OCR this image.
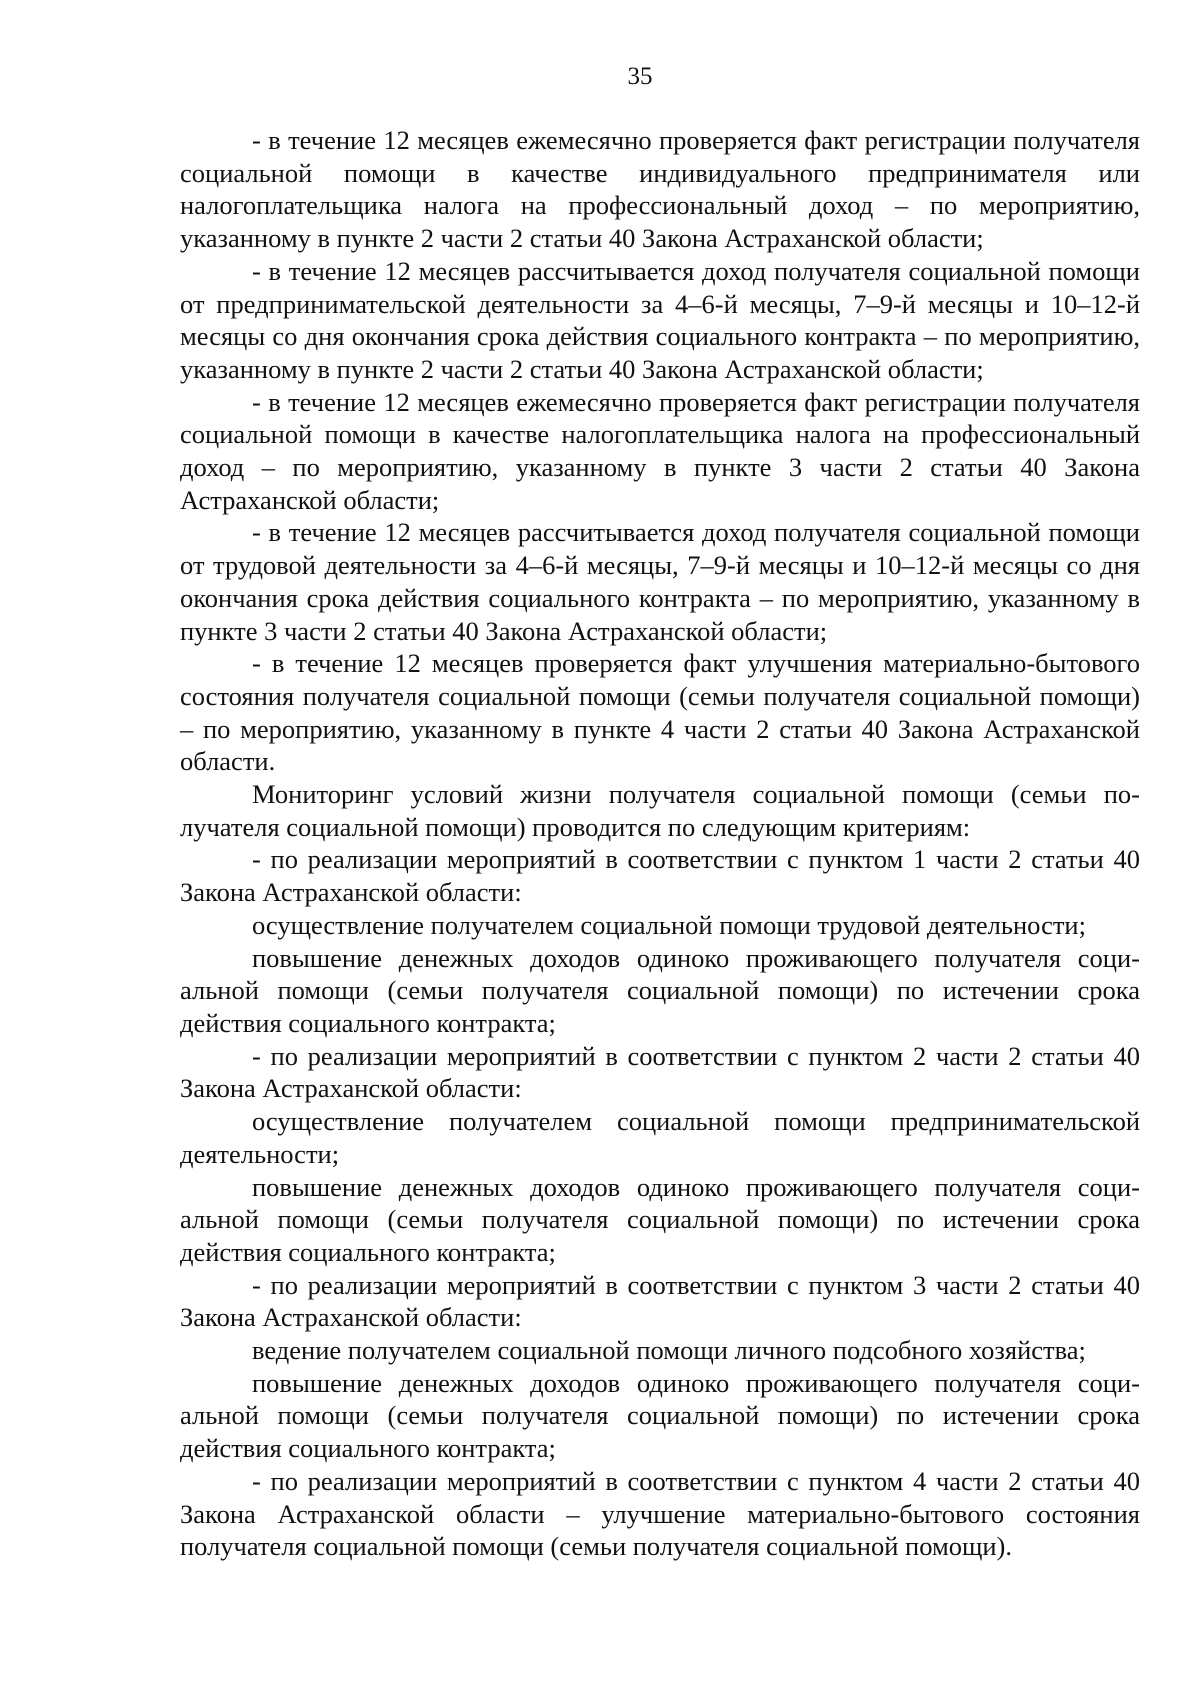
35

- в течение 12 месяцев ежемесячно проверяется факт регистрации получателя социальной помощи в качестве индивидуального предпринимателя или налогоплательщика налога на профессиональный доход – по мероприятию, указанному в пункте 2 части 2 статьи 40 Закона Астраханской области;

- в течение 12 месяцев рассчитывается доход получателя социальной помощи от предпринимательской деятельности за 4–6-й месяцы, 7–9-й месяцы и 10–12-й месяцы со дня окончания срока действия социального контракта – по мероприятию, указанному в пункте 2 части 2 статьи 40 Закона Астраханской области;

- в течение 12 месяцев ежемесячно проверяется факт регистрации получателя социальной помощи в качестве налогоплательщика налога на профессиональный доход – по мероприятию, указанному в пункте 3 части 2 статьи 40 Закона Астраханской области;

- в течение 12 месяцев рассчитывается доход получателя социальной помощи от трудовой деятельности за 4–6-й месяцы, 7–9-й месяцы и 10–12-й месяцы со дня окончания срока действия социального контракта – по мероприятию, указанному в пункте 3 части 2 статьи 40 Закона Астраханской области;

- в течение 12 месяцев проверяется факт улучшения материально-бытового состояния получателя социальной помощи (семьи получателя социальной помощи) – по мероприятию, указанному в пункте 4 части 2 статьи 40 Закона Астраханской области.

Мониторинг условий жизни получателя социальной помощи (семьи получателя социальной помощи) проводится по следующим критериям:

- по реализации мероприятий в соответствии с пунктом 1 части 2 статьи 40 Закона Астраханской области:

осуществление получателем социальной помощи трудовой деятельности;

повышение денежных доходов одиноко проживающего получателя социальной помощи (семьи получателя социальной помощи) по истечении срока действия социального контракта;

- по реализации мероприятий в соответствии с пунктом 2 части 2 статьи 40 Закона Астраханской области:

осуществление получателем социальной помощи предпринимательской деятельности;

повышение денежных доходов одиноко проживающего получателя социальной помощи (семьи получателя социальной помощи) по истечении срока действия социального контракта;

- по реализации мероприятий в соответствии с пунктом 3 части 2 статьи 40 Закона Астраханской области:

ведение получателем социальной помощи личного подсобного хозяйства;

повышение денежных доходов одиноко проживающего получателя социальной помощи (семьи получателя социальной помощи) по истечении срока действия социального контракта;

- по реализации мероприятий в соответствии с пунктом 4 части 2 статьи 40 Закона Астраханской области – улучшение материально-бытового состояния получателя социальной помощи (семьи получателя социальной помощи).
